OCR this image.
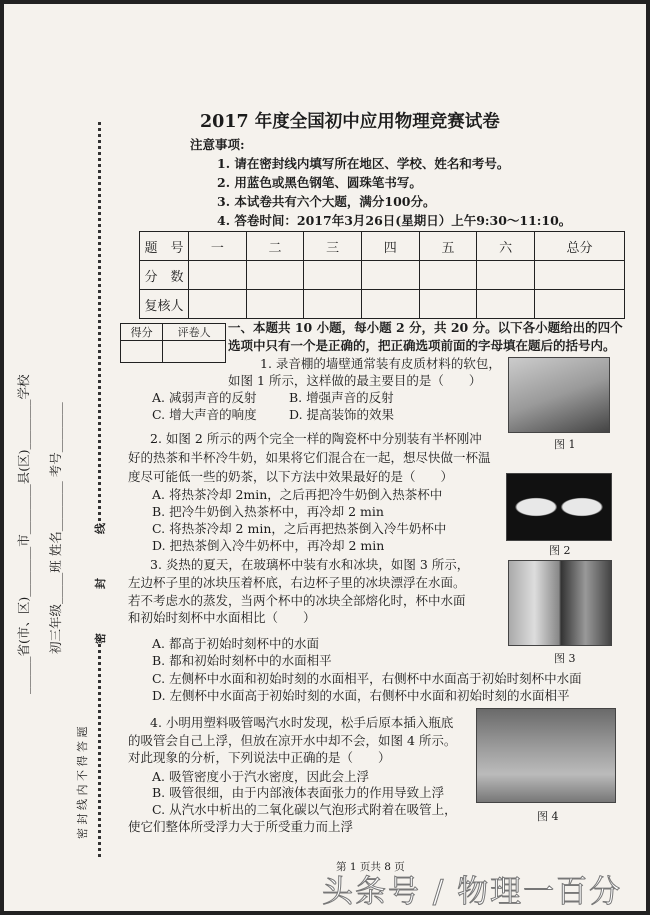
______省(市、区)________市________县(区)________学校 初三年级_____班 姓名________ 考号________
密 封 线 内 不 得 答 题
密　　　　封　　　　线
2017 年度全国初中应用物理竞赛试卷
注意事项:
1. 请在密封线内填写所在地区、学校、姓名和考号。
2. 用蓝色或黑色钢笔、圆珠笔书写。
3. 本试卷共有六个大题，满分100分。
4. 答卷时间：2017年3月26日(星期日）上午9:30～11:10。
题　号	一	二	三	四	五	六	总分
分　数							
复核人							
得分	评卷人
	一、本题共 10 小题，每小题 2 分，共 20 分。以下各小题给出的四个
选项中只有一个是正确的，把正确选项前面的字母填在题后的括号内。
1. 录音棚的墙壁通常装有皮质材料的软包，
如图 1 所示，这样做的最主要目的是（　　）
A. 减弱声音的反射	B. 增强声音的反射
C. 增大声音的响度	D. 提高装饰的效果
图 1
2. 如图 2 所示的两个完全一样的陶瓷杯中分别装有半杯刚冲
好的热茶和半杯冷牛奶，如果将它们混合在一起，想尽快做一杯温
度尽可能低一些的奶茶，以下方法中效果最好的是（　　）
A. 将热茶冷却 2min，之后再把冷牛奶倒入热茶杯中
B. 把冷牛奶倒入热茶杯中，再冷却 2 min
C. 将热茶冷却 2 min，之后再把热茶倒入冷牛奶杯中
D. 把热茶倒入冷牛奶杯中，再冷却 2 min	图 2
3. 炎热的夏天，在玻璃杯中装有水和冰块，如图 3 所示，
左边杯子里的冰块压着杯底，右边杯子里的冰块漂浮在水面。
若不考虑水的蒸发，当两个杯中的冰块全部熔化时，杯中水面
和初始时刻杯中水面相比（　　）
A. 都高于初始时刻杯中的水面
B. 都和初始时刻杯中的水面相平
C. 左侧杯中水面和初始时刻的水面相平，右侧杯中水面高于初始时刻杯中水面
D. 左侧杯中水面高于初始时刻的水面，右侧杯中水面和初始时刻的水面相平
图 3
4. 小明用塑料吸管喝汽水时发现，松手后原本插入瓶底
的吸管会自己上浮，但放在凉开水中却不会，如图 4 所示。
对此现象的分析，下列说法中正确的是（　　）
A. 吸管密度小于汽水密度，因此会上浮
B. 吸管很细，由于内部液体表面张力的作用导致上浮
C. 从汽水中析出的二氧化碳以气泡形式附着在吸管上，
使它们整体所受浮力大于所受重力而上浮
图 4
第 1 页共 8 页
头条号 / 物理一百分
